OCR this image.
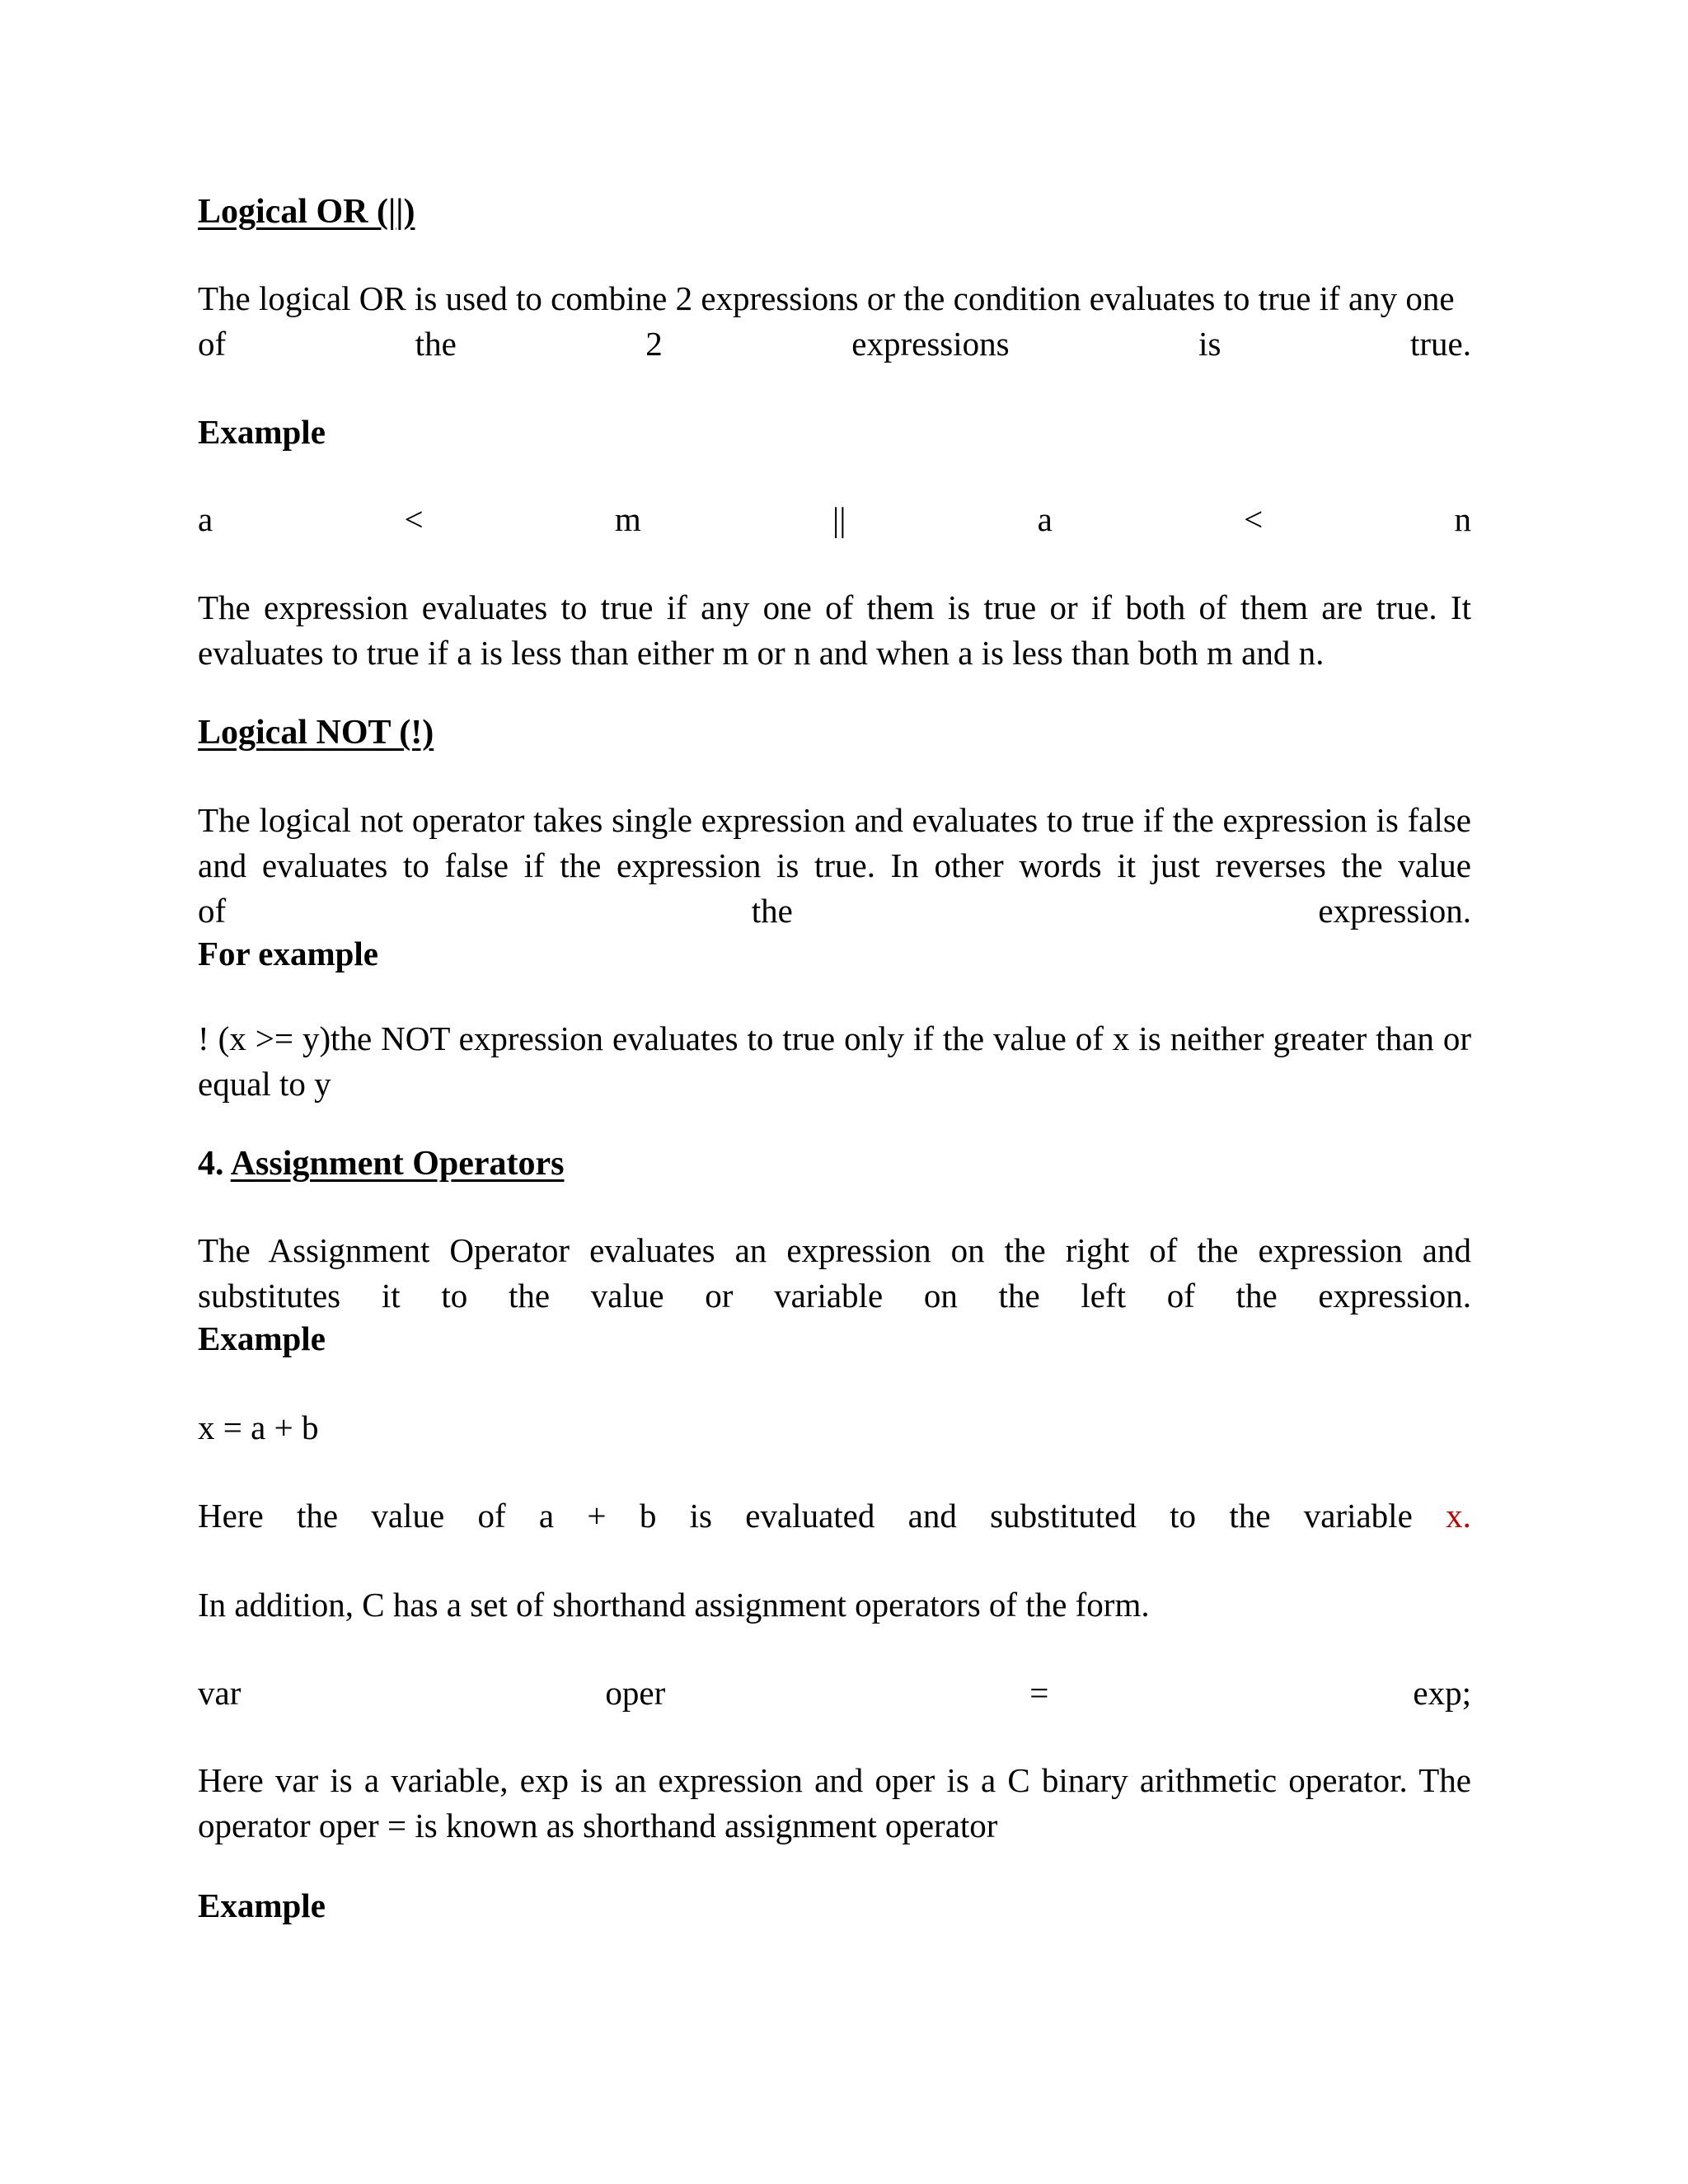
Logical OR (||)

The logical OR is used to combine 2 expressions or the condition evaluates to true if any one

of	the	2	expressions	is	true.
Example
a	<	m	||	a	<	n

The expression evaluates to true if any one of them is true or if both of them are true. It evaluates to true if a is less than either m or n and when a is less than both m and n.

Logical NOT (!)

The logical not operator takes single expression and evaluates to true if the expression is false and evaluates to false if the expression is true. In other words it just reverses the value

of	the	expression.
For example

! (x >= y)the NOT expression evaluates to true only if the value of x is neither greater than or equal to y

4. Assignment Operators
The Assignment Operator evaluates an expression on the right of the expression and
substitutes it to the value or variable on the left of the expression.
Example
x = a + b
Here the value of a + b is evaluated and substituted to the variable x.

In addition, C has a set of shorthand assignment operators of the form.

var	oper	=	exp;

Here var is a variable, exp is an expression and oper is a C binary arithmetic operator. The operator oper = is known as shorthand assignment operator

Example
